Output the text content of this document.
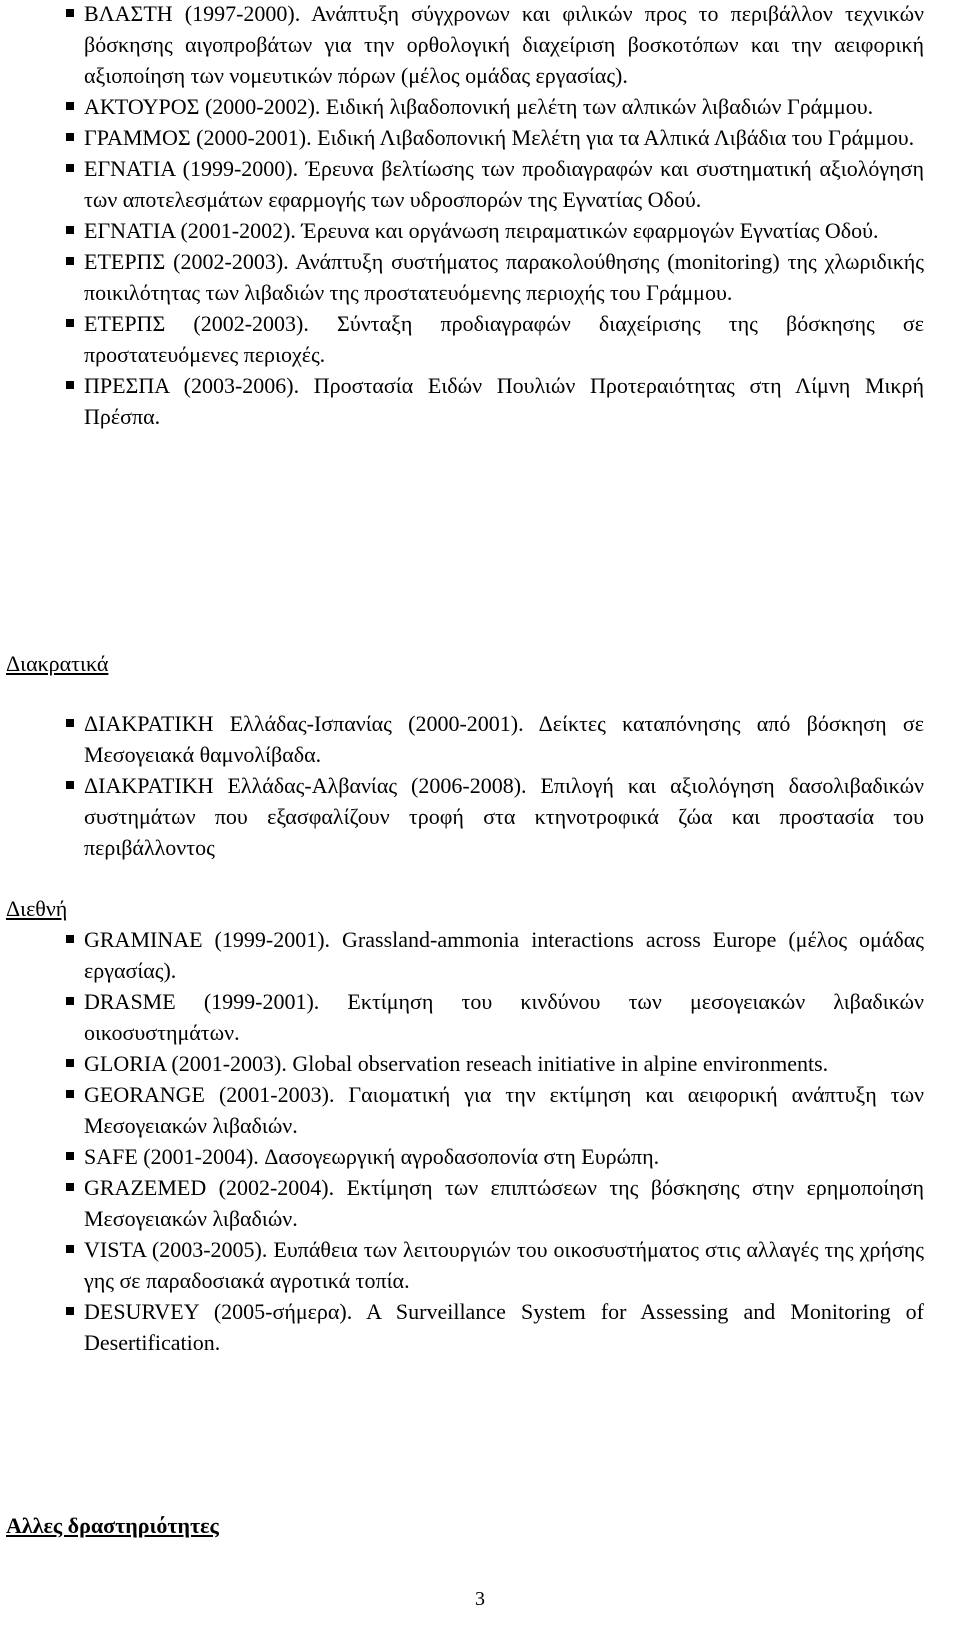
ΒΛΑΣΤΗ (1997-2000). Ανάπτυξη σύγχρονων και φιλικών προς το περιβάλλον τεχνικών βόσκησης αιγοπροβάτων για την ορθολογική διαχείριση βοσκοτόπων και την αειφορική αξιοποίηση των νομευτικών πόρων (μέλος ομάδας εργασίας).
ΑΚΤΟΥΡΟΣ (2000-2002). Ειδική λιβαδοπονική μελέτη των αλπικών λιβαδιών Γράμμου.
ΓΡΑΜΜΟΣ (2000-2001). Ειδική Λιβαδοπονική Μελέτη για τα Αλπικά Λιβάδια του Γράμμου.
ΕΓΝΑΤΙΑ (1999-2000). Έρευνα βελτίωσης των προδιαγραφών και συστηματική αξιολόγηση των αποτελεσμάτων εφαρμογής των υδροσπορών της Εγνατίας Οδού.
ΕΓΝΑΤΙΑ (2001-2002). Έρευνα και οργάνωση πειραματικών εφαρμογών Εγνατίας Οδού.
ΕΤΕΡΠΣ (2002-2003). Ανάπτυξη συστήματος παρακολούθησης (monitoring) της χλωριδικής ποικιλότητας των λιβαδιών της προστατευόμενης περιοχής του Γράμμου.
ΕΤΕΡΠΣ (2002-2003). Σύνταξη προδιαγραφών διαχείρισης της βόσκησης σε προστατευόμενες περιοχές.
ΠΡΕΣΠΑ (2003-2006). Προστασία Ειδών Πουλιών Προτεραιότητας στη Λίμνη Μικρή Πρέσπα.
Διακρατικά
ΔΙΑΚΡΑΤΙΚΗ Ελλάδας-Ισπανίας (2000-2001). Δείκτες καταπόνησης από βόσκηση σε Μεσογειακά θαμνολίβαδα.
ΔΙΑΚΡΑΤΙΚΗ Ελλάδας-Αλβανίας (2006-2008). Επιλογή και αξιολόγηση δασολιβαδικών συστημάτων που εξασφαλίζουν τροφή στα κτηνοτροφικά ζώα και προστασία του περιβάλλοντος
Διεθνή
GRAMINAE (1999-2001). Grassland-ammonia interactions across Europe (μέλος ομάδας εργασίας).
DRASME (1999-2001). Εκτίμηση του κινδύνου των μεσογειακών λιβαδικών οικοσυστημάτων.
GLORIA (2001-2003). Global observation reseach initiative in alpine environments.
GEORANGE (2001-2003). Γαιοματική για την εκτίμηση και αειφορική ανάπτυξη των Μεσογειακών λιβαδιών.
SAFE (2001-2004). Δασογεωργική αγροδασοπονία στη Ευρώπη.
GRAZEMED (2002-2004). Εκτίμηση των επιπτώσεων της βόσκησης στην ερημοποίηση Μεσογειακών λιβαδιών.
VISTA (2003-2005). Ευπάθεια των λειτουργιών του οικοσυστήματος στις αλλαγές της χρήσης γης σε παραδοσιακά αγροτικά τοπία.
DESURVEY (2005-σήμερα). A Surveillance System for Assessing and Monitoring of Desertification.
Αλλες δραστηριότητες
3
